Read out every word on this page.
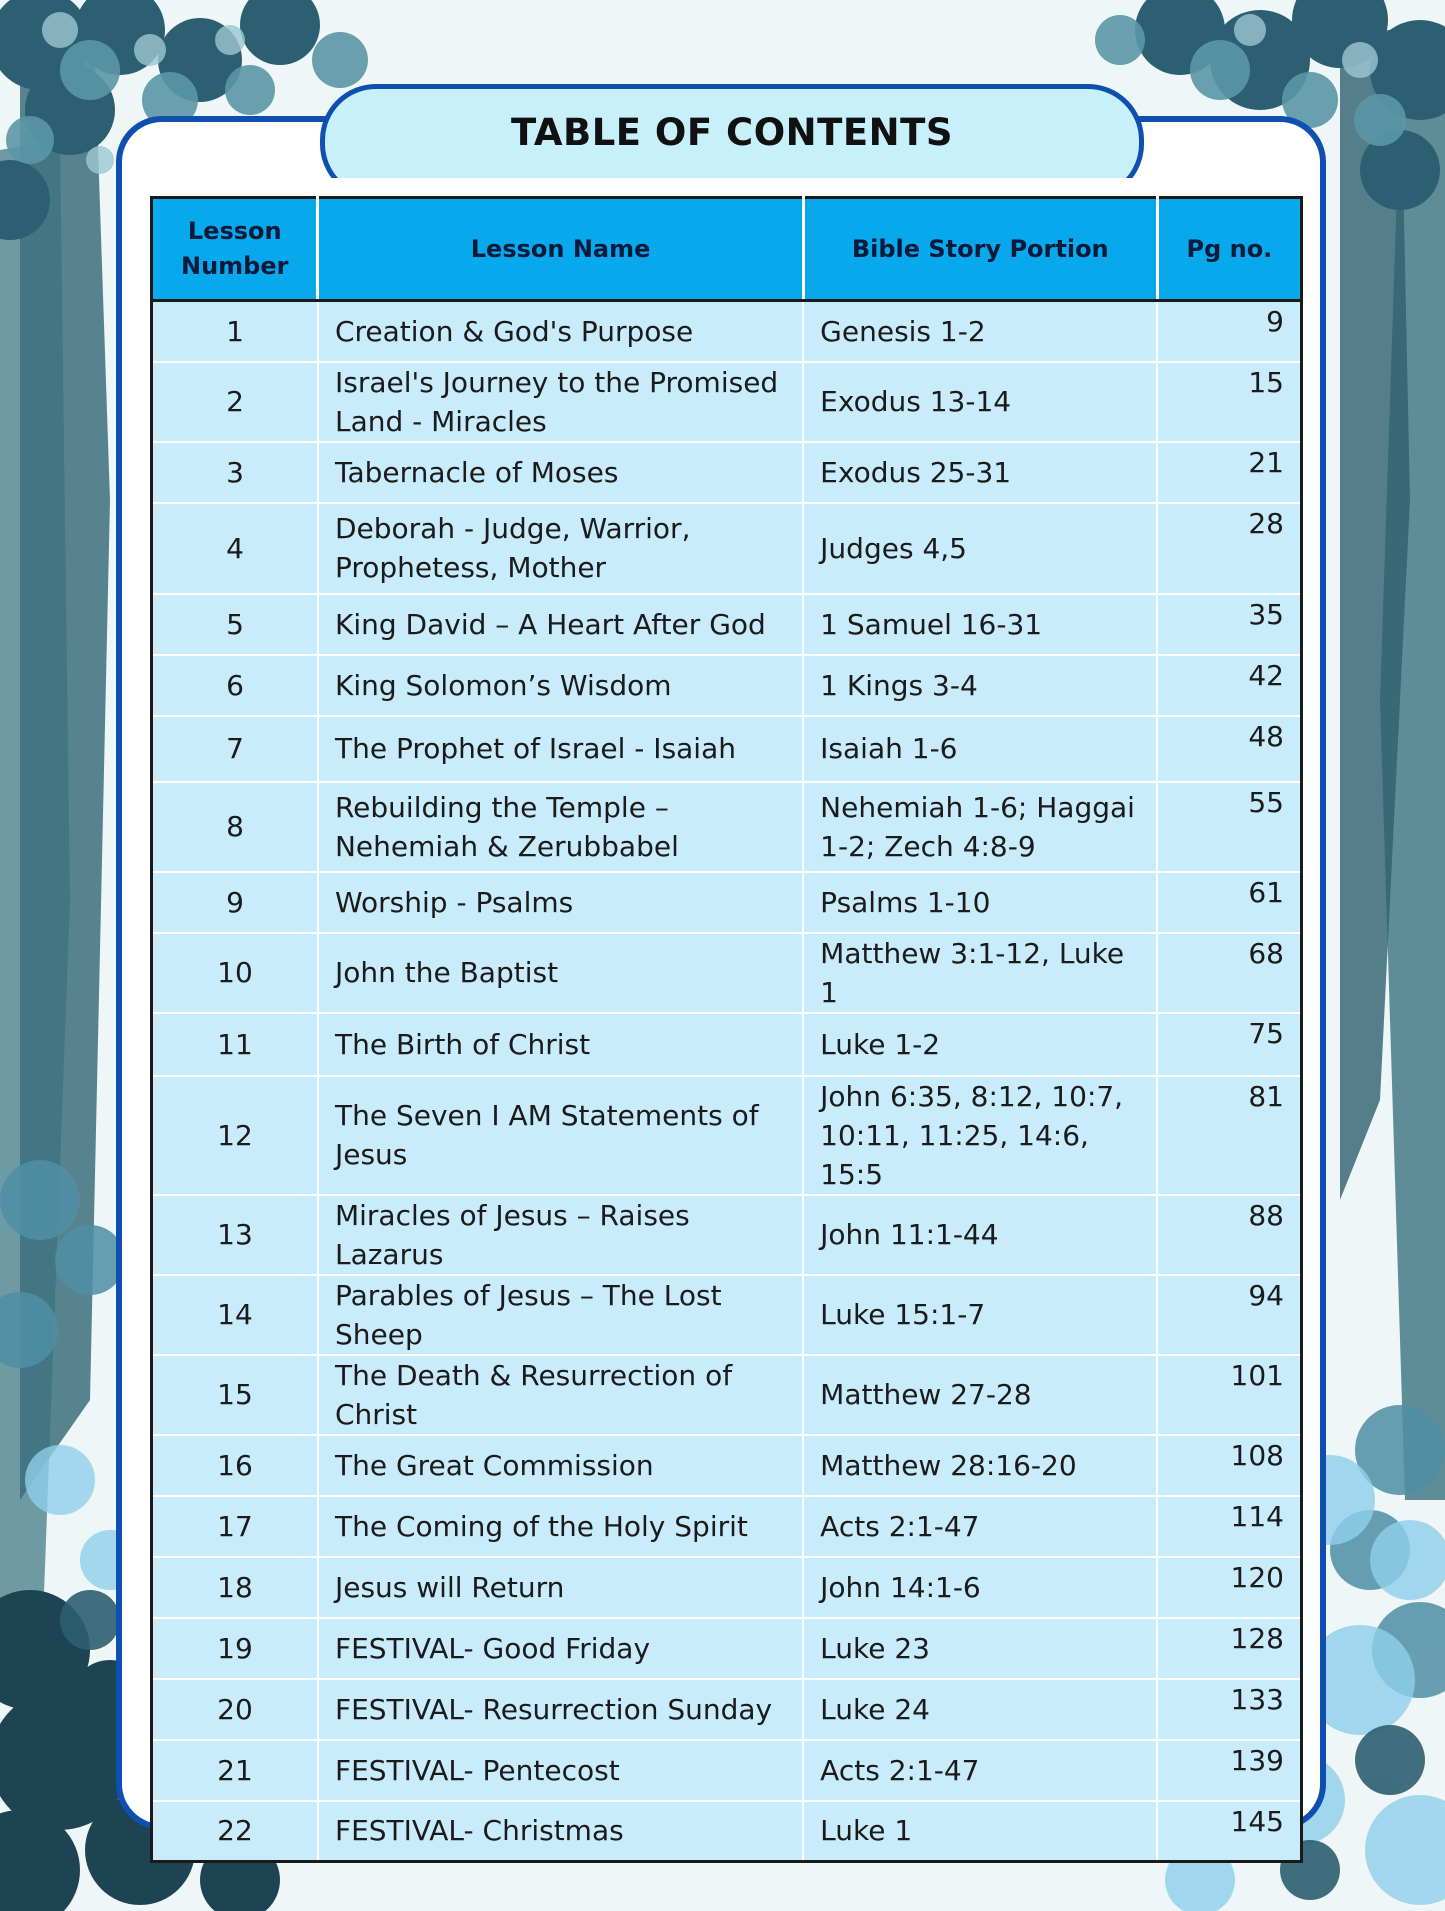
TABLE OF CONTENTS
Lesson Number	Lesson Name	Bible Story Portion	Pg no.
1	Creation & God's Purpose	Genesis 1-2	9
2	Israel's Journey to the Promised Land - Miracles	Exodus 13-14	15
3	Tabernacle of Moses	Exodus 25-31	21
4	Deborah - Judge, Warrior, Prophetess, Mother	Judges 4,5	28
5	King David – A Heart After God	1 Samuel 16-31	35
6	King Solomon’s Wisdom	1 Kings 3-4	42
7	The Prophet of Israel - Isaiah	Isaiah 1-6	48
8	Rebuilding the Temple – Nehemiah & Zerubbabel	Nehemiah 1-6; Haggai 1-2; Zech 4:8-9	55
9	Worship - Psalms	Psalms 1-10	61
10	John the Baptist	Matthew 3:1-12, Luke 1	68
11	The Birth of Christ	Luke 1-2	75
12	The Seven I AM Statements of Jesus	John 6:35, 8:12, 10:7, 10:11, 11:25, 14:6, 15:5	81
13	Miracles of Jesus – Raises Lazarus	John 11:1-44	88
14	Parables of Jesus – The Lost Sheep	Luke 15:1-7	94
15	The Death & Resurrection of Christ	Matthew 27-28	101
16	The Great Commission	Matthew 28:16-20	108
17	The Coming of the Holy Spirit	Acts 2:1-47	114
18	Jesus will Return	John 14:1-6	120
19	FESTIVAL- Good Friday	Luke 23	128
20	FESTIVAL- Resurrection Sunday	Luke 24	133
21	FESTIVAL- Pentecost	Acts 2:1-47	139
22	FESTIVAL- Christmas	Luke 1	145
